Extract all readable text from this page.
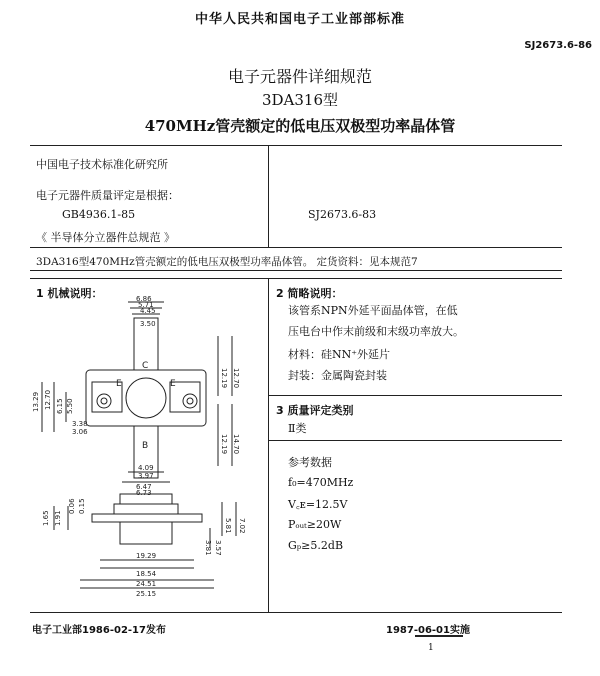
中华人民共和国电子工业部部标准
SJ2673.6-86
电子元器件详细规范
3DA316型
470MHz管壳额定的低电压双极型功率晶体管
中国电子技术标准化研究所
电子元器件质量评定是根据：
GB4936.1-85
《 半导体分立器件总规范 》
SJ2673.6-83
3DA316型470MHz管壳额定的低电压双极型功率晶体管。 定货资料：见本规范7
1 机械说明：	6.86
5.71
4.45
3.50
13.29 12.70
12.19 12.70
12.19 14.70
6.15 5.50
3.38
3.06
4.09
3.97
6.47
6.73
1.65 1.91
0.06 0.15
5.81 7.02
3.81 3.57
19.29
18.54
24.51
25.15
E	E
C
B
2 简略说明：
该管系NPN外延平面晶体管，在低
压电台中作末前级和末级功率放大。
材料：硅NN⁺外延片
封装：金属陶瓷封装
3 质量评定类别
Ⅱ类
参考数据
f₀=470MHz
V꜀ᴇ=12.5V
Pₒᵤₜ≥20W
Gₚ≥5.2dB
电子工业部1986-02-17发布	1987-06-01实施
1
